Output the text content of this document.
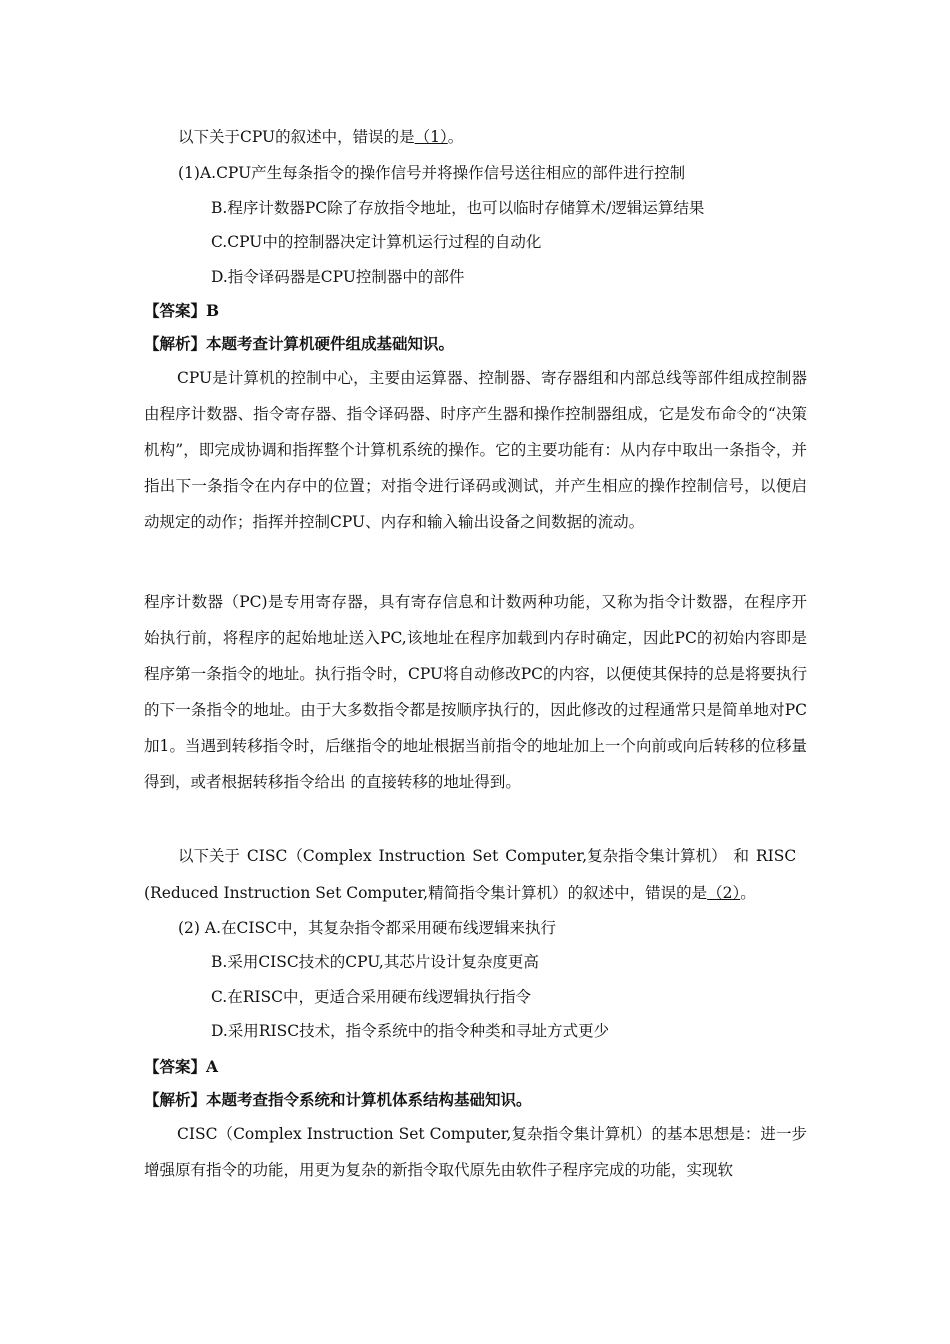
以下关于CPU的叙述中，错误的是（1）。
(1)A.CPU产生每条指令的操作信号并将操作信号送往相应的部件进行控制
B.程序计数器PC除了存放指令地址，也可以临时存储算术/逻辑运算结果
C.CPU中的控制器决定计算机运行过程的自动化
D.指令译码器是CPU控制器中的部件
【答案】B
【解析】本题考查计算机硬件组成基础知识。
CPU是计算机的控制中心，主要由运算器、控制器、寄存器组和内部总线等部件组成控制器由程序计数器、指令寄存器、指令译码器、时序产生器和操作控制器组成，它是发布命令的“决策机构”，即完成协调和指挥整个计算机系统的操作。它的主要功能有：从内存中取出一条指令，并指出下一条指令在内存中的位置；对指令进行译码或测试，并产生相应的操作控制信号，以便启动规定的动作；指挥并控制CPU、内存和输入输出设备之间数据的流动。
程序计数器（PC)是专用寄存器，具有寄存信息和计数两种功能，又称为指令计数器，在程序开始执行前，将程序的起始地址送入PC,该地址在程序加载到内存时确定，因此PC的初始内容即是程序第一条指令的地址。执行指令时，CPU将自动修改PC的内容，以便使其保持的总是将要执行的下一条指令的地址。由于大多数指令都是按顺序执行的，因此修改的过程通常只是简单地对PC加1。当遇到转移指令时，后继指令的地址根据当前指令的地址加上一个向前或向后转移的位移量得到，或者根据转移指令给出 的直接转移的地址得到。
以下关于 CISC（Complex Instruction Set Computer,复杂指令集计算机） 和 RISC
(Reduced Instruction Set Computer,精简指令集计算机）的叙述中，错误的是（2）。
(2) A.在CISC中，其复杂指令都采用硬布线逻辑来执行
B.采用CISC技术的CPU,其芯片设计复杂度更高
C.在RISC中，更适合采用硬布线逻辑执行指令
D.采用RISC技术，指令系统中的指令种类和寻址方式更少
【答案】A
【解析】本题考查指令系统和计算机体系结构基础知识。
CISC（Complex Instruction Set Computer,复杂指令集计算机）的基本思想是：进一步增强原有指令的功能，用更为复杂的新指令取代原先由软件子程序完成的功能，实现软
